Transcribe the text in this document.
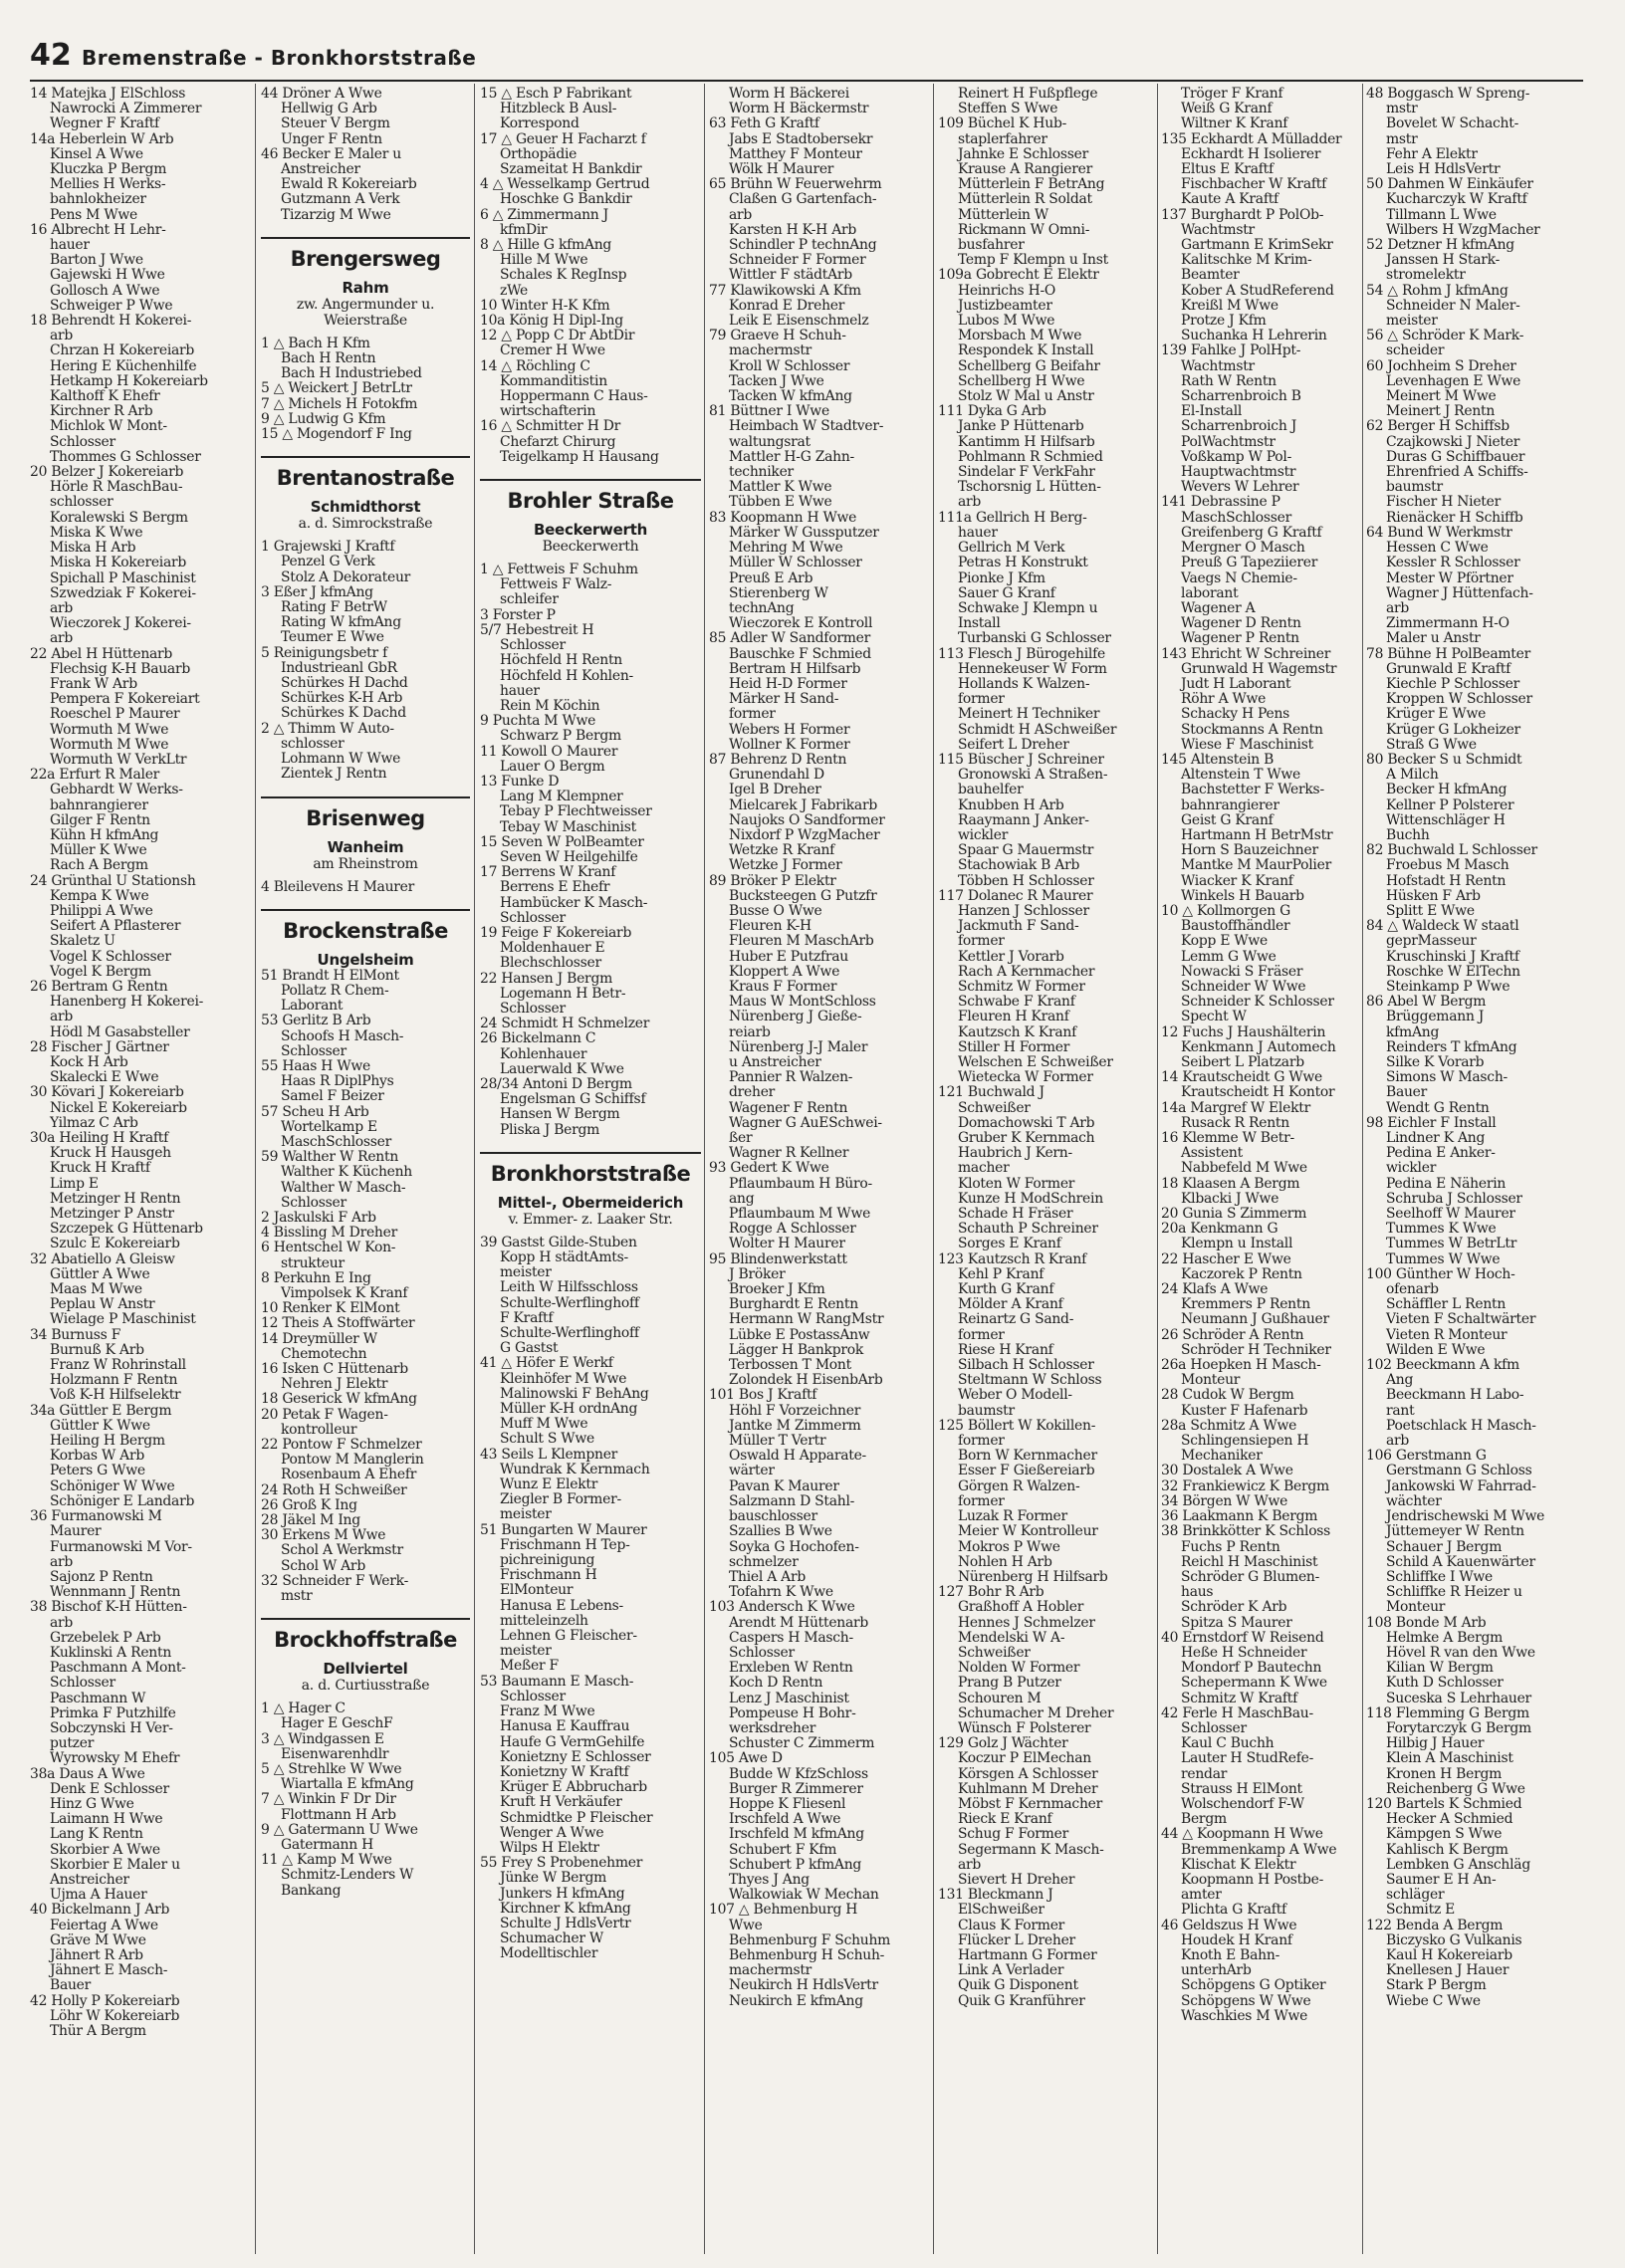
42 Bremenstraße - Bronkhorststraße
14 Matejka J ElSchloss
Nawrocki A Zimmerer
Wegner F Kraftf
14a Heberlein W Arb
Kinsel A Wwe
Kluczka P Bergm
Mellies H Werks-
bahnlokheizer
Pens M Wwe
16 Albrecht H Lehr-
hauer
Barton J Wwe
Gajewski H Wwe
Gollosch A Wwe
Schweiger P Wwe
18 Behrendt H Kokerei-
arb
Chrzan H Kokereiarb
Hering E Küchenhilfe
Hetkamp H Kokereiarb
Kalthoff K Ehefr
Kirchner R Arb
Michlok W Mont-
Schlosser
Thommes G Schlosser
20 Belzer J Kokereiarb
Hörle R MaschBau-
schlosser
Koralewski S Bergm
Miska K Wwe
Miska H Arb
Miska H Kokereiarb
Spichall P Maschinist
Szwedziak F Kokerei-
arb
Wieczorek J Kokerei-
arb
22 Abel H Hüttenarb
Flechsig K-H Bauarb
Frank W Arb
Pempera F Kokereiart
Roeschel P Maurer
Wormuth M Wwe
Wormuth M Wwe
Wormuth W VerkLtr
22a Erfurt R Maler
Gebhardt W Werks-
bahnrangierer
Gilger F Rentn
Kühn H kfmAng
Müller K Wwe
Rach A Bergm
24 Grünthal U Stationsh
Kempa K Wwe
Philippi A Wwe
Seifert A Pflasterer
Skaletz U
Vogel K Schlosser
Vogel K Bergm
26 Bertram G Rentn
Hanenberg H Kokerei-
arb
Hödl M Gasabsteller
28 Fischer J Gärtner
Kock H Arb
Skalecki E Wwe
30 Kövari J Kokereiarb
Nickel E Kokereiarb
Yilmaz C Arb
30a Heiling H Kraftf
Kruck H Hausgeh
Kruck H Kraftf
Limp E
Metzinger H Rentn
Metzinger P Anstr
Szczepek G Hüttenarb
Szulc E Kokereiarb
32 Abatiello A Gleisw
Güttler A Wwe
Maas M Wwe
Peplau W Anstr
Wielage P Maschinist
34 Burnuss F
Burnuß K Arb
Franz W Rohrinstall
Holzmann F Rentn
Voß K-H Hilfselektr
34a Güttler E Bergm
Güttler K Wwe
Heiling H Bergm
Korbas W Arb
Peters G Wwe
Schöniger W Wwe
Schöniger E Landarb
36 Furmanowski M
Maurer
Furmanowski M Vor-
arb
Sajonz P Rentn
Wennmann J Rentn
38 Bischof K-H Hütten-
arb
Grzebelek P Arb
Kuklinski A Rentn
Paschmann A Mont-
Schlosser
Paschmann W
Primka F Putzhilfe
Sobczynski H Ver-
putzer
Wyrowsky M Ehefr
38a Daus A Wwe
Denk E Schlosser
Hinz G Wwe
Laimann H Wwe
Lang K Rentn
Skorbier A Wwe
Skorbier E Maler u
Anstreicher
Ujma A Hauer
40 Bickelmann J Arb
Feiertag A Wwe
Gräve M Wwe
Jähnert R Arb
Jähnert E Masch-
Bauer
42 Holly P Kokereiarb
Löhr W Kokereiarb
Thür A Bergm
44 Dröner A Wwe
Hellwig G Arb
Steuer V Bergm
Unger F Rentn
46 Becker E Maler u
Anstreicher
Ewald R Kokereiarb
Gutzmann A Verk
Tizarzig M Wwe
Brengersweg
Rahm
zw. Angermunder u. Weierstraße
1 △ Bach H Kfm
Bach H Rentn
Bach H Industriebed
5 △ Weickert J BetrLtr
7 △ Michels H Fotokfm
9 △ Ludwig G Kfm
15 △ Mogendorf F Ing
Brentanostraße
Schmidthorst
a. d. Simrockstraße
1 Grajewski J Kraftf
Penzel G Verk
Stolz A Dekorateur
3 Eßer J kfmAng
Rating F BetrW
Rating W kfmAng
Teumer E Wwe
5 Reinigungsbetr f
Industrieanl GbR
Schürkes H Dachd
Schürkes K-H Arb
Schürkes K Dachd
2 △ Thimm W Auto-
schlosser
Lohmann W Wwe
Zientek J Rentn
Brisenweg
Wanheim
am Rheinstrom
4 Bleilevens H Maurer
Brockenstraße
Ungelsheim
51 Brandt H ElMont
Pollatz R Chem-
Laborant
53 Gerlitz B Arb
Schoofs H Masch-
Schlosser
55 Haas H Wwe
Haas R DiplPhys
Samel F Beizer
57 Scheu H Arb
Wortelkamp E
MaschSchlosser
59 Walther W Rentn
Walther K Küchenh
Walther W Masch-
Schlosser
2 Jaskulski F Arb
4 Bissling M Dreher
6 Hentschel W Kon-
strukteur
8 Perkuhn E Ing
Vimpolsek K Kranf
10 Renker K ElMont
12 Theis A Stoffwärter
14 Dreymüller W
Chemotechn
16 Isken C Hüttenarb
Nehren J Elektr
18 Geserick W kfmAng
20 Petak F Wagen-
kontrolleur
22 Pontow F Schmelzer
Pontow M Manglerin
Rosenbaum A Ehefr
24 Roth H Schweißer
26 Groß K Ing
28 Jäkel M Ing
30 Erkens M Wwe
Schol A Werkmstr
Schol W Arb
32 Schneider F Werk-
mstr
Brockhoffstraße
Dellviertel
a. d. Curtiusstraße
1 △ Hager C
Hager E GeschF
3 △ Windgassen E
Eisenwarenhdlr
5 △ Strehlke W Wwe
Wiartalla E kfmAng
7 △ Winkin F Dr Dir
Flottmann H Arb
9 △ Gatermann U Wwe
Gatermann H
11 △ Kamp M Wwe
Schmitz-Lenders W
Bankang
15 △ Esch P Fabrikant
Hitzbleck B Ausl-
Korrespond
17 △ Geuer H Facharzt f
Orthopädie
Szameitat H Bankdir
4 △ Wesselkamp Gertrud
Hoschke G Bankdir
6 △ Zimmermann J
kfmDir
8 △ Hille G kfmAng
Hille M Wwe
Schales K RegInsp
zWe
10 Winter H-K Kfm
10a König H Dipl-Ing
12 △ Popp C Dr AbtDir
Cremer H Wwe
14 △ Röchling C
Kommanditistin
Hoppermann C Haus-
wirtschafterin
16 △ Schmitter H Dr
Chefarzt Chirurg
Teigelkamp H Hausang
Brohler Straße
Beeckerwerth
Beeckerwerth
1 △ Fettweis F Schuhm
Fettweis F Walz-
schleifer
3 Forster P
5/7 Hebestreit H
Schlosser
Höchfeld H Rentn
Höchfeld H Kohlen-
hauer
Rein M Köchin
9 Puchta M Wwe
Schwarz P Bergm
11 Kowoll O Maurer
Lauer O Bergm
13 Funke D
Lang M Klempner
Tebay P Flechtweisser
Tebay W Maschinist
15 Seven W PolBeamter
Seven W Heilgehilfe
17 Berrens W Kranf
Berrens E Ehefr
Hambücker K Masch-
Schlosser
19 Feige F Kokereiarb
Moldenhauer E
Blechschlosser
22 Hansen J Bergm
Logemann H Betr-
Schlosser
24 Schmidt H Schmelzer
26 Bickelmann C
Kohlenhauer
Lauerwald K Wwe
28/34 Antoni D Bergm
Engelsman G Schiffsf
Hansen W Bergm
Pliska J Bergm
Bronkhorststraße
Mittel-, Obermeiderich
v. Emmer- z. Laaker Str.
39 Gastst Gilde-Stuben
Kopp H städtAmts-
meister
Leith W Hilfsschloss
Schulte-Werflinghoff
F Kraftf
Schulte-Werflinghoff
G Gastst
41 △ Höfer E Werkf
Kleinhöfer M Wwe
Malinowski F BehAng
Müller K-H ordnAng
Muff M Wwe
Schult S Wwe
43 Seils L Klempner
Wundrak K Kernmach
Wunz E Elektr
Ziegler B Former-
meister
51 Bungarten W Maurer
Frischmann H Tep-
pichreinigung
Frischmann H
ElMonteur
Hanusa E Lebens-
mitteleinzelh
Lehnen G Fleischer-
meister
Meßer F
53 Baumann E Masch-
Schlosser
Franz M Wwe
Hanusa E Kauffrau
Haufe G VermGehilfe
Konietzny E Schlosser
Konietzny W Kraftf
Krüger E Abbrucharb
Kruft H Verkäufer
Schmidtke P Fleischer
Wenger A Wwe
Wilps H Elektr
55 Frey S Probenehmer
Jünke W Bergm
Junkers H kfmAng
Kirchner K kfmAng
Schulte J HdlsVertr
Schumacher W
Modelltischler
Worm H Bäckerei
Worm H Bäckermstr
63 Feth G Kraftf
Jabs E Stadtobersekr
Matthey F Monteur
Wölk H Maurer
65 Brühn W Feuerwehrm
Claßen G Gartenfach-
arb
Karsten H K-H Arb
Schindler P technAng
Schneider F Former
Wittler F städtArb
77 Klawikowski A Kfm
Konrad E Dreher
Leik E Eisenschmelz
79 Graeve H Schuh-
machermstr
Kroll W Schlosser
Tacken J Wwe
Tacken W kfmAng
81 Büttner I Wwe
Heimbach W Stadtver-
waltungsrat
Mattler H-G Zahn-
techniker
Mattler K Wwe
Tübben E Wwe
83 Koopmann H Wwe
Märker W Gussputzer
Mehring M Wwe
Müller W Schlosser
Preuß E Arb
Stierenberg W
technAng
Wieczorek E Kontroll
85 Adler W Sandformer
Bauschke F Schmied
Bertram H Hilfsarb
Heid H-D Former
Märker H Sand-
former
Webers H Former
Wollner K Former
87 Behrenz D Rentn
Grunendahl D
Igel B Dreher
Mielcarek J Fabrikarb
Naujoks O Sandformer
Nixdorf P WzgMacher
Wetzke R Kranf
Wetzke J Former
89 Bröker P Elektr
Bucksteegen G Putzfr
Busse O Wwe
Fleuren K-H
Fleuren M MaschArb
Huber E Putzfrau
Kloppert A Wwe
Kraus F Former
Maus W MontSchloss
Nürenberg J Gieße-
reiarb
Nürenberg J-J Maler
u Anstreicher
Pannier R Walzen-
dreher
Wagener F Rentn
Wagner G AuESchwei-
ßer
Wagner R Kellner
93 Gedert K Wwe
Pflaumbaum H Büro-
ang
Pflaumbaum M Wwe
Rogge A Schlosser
Wolter H Maurer
95 Blindenwerkstatt
J Bröker
Broeker J Kfm
Burghardt E Rentn
Hermann W RangMstr
Lübke E PostassAnw
Lägger H Bankprok
Terbossen T Mont
Zolondek H EisenbArb
101 Bos J Kraftf
Höhl F Vorzeichner
Jantke M Zimmerm
Müller T Vertr
Oswald H Apparate-
wärter
Pavan K Maurer
Salzmann D Stahl-
bauschlosser
Szallies B Wwe
Soyka G Hochofen-
schmelzer
Thiel A Arb
Tofahrn K Wwe
103 Andersch K Wwe
Arendt M Hüttenarb
Caspers H Masch-
Schlosser
Erxleben W Rentn
Koch D Rentn
Lenz J Maschinist
Pompeuse H Bohr-
werksdreher
Schuster C Zimmerm
105 Awe D
Budde W KfzSchloss
Burger R Zimmerer
Hoppe K Fliesenl
Irschfeld A Wwe
Irschfeld M kfmAng
Schubert F Kfm
Schubert P kfmAng
Thyes J Ang
Walkowiak W Mechan
107 △ Behmenburg H
Wwe
Behmenburg F Schuhm
Behmenburg H Schuh-
machermstr
Neukirch H HdlsVertr
Neukirch E kfmAng
Reinert H Fußpflege
Steffen S Wwe
109 Büchel K Hub-
staplerfahrer
Jahnke E Schlosser
Krause A Rangierer
Mütterlein F BetrAng
Mütterlein R Soldat
Mütterlein W
Rickmann W Omni-
busfahrer
Temp F Klempn u Inst
109a Gobrecht E Elektr
Heinrichs H-O
Justizbeamter
Lubos M Wwe
Morsbach M Wwe
Respondek K Install
Schellberg G Beifahr
Schellberg H Wwe
Stolz W Mal u Anstr
111 Dyka G Arb
Janke P Hüttenarb
Kantimm H Hilfsarb
Pohlmann R Schmied
Sindelar F VerkFahr
Tschorsnig L Hütten-
arb
111a Gellrich H Berg-
hauer
Gellrich M Verk
Petras H Konstrukt
Pionke J Kfm
Sauer G Kranf
Schwake J Klempn u
Install
Turbanski G Schlosser
113 Flesch J Bürogehilfe
Hennekeuser W Form
Hollands K Walzen-
former
Meinert H Techniker
Schmidt H ASchweißer
Seifert L Dreher
115 Büscher J Schreiner
Gronowski A Straßen-
bauhelfer
Knubben H Arb
Raaymann J Anker-
wickler
Spaar G Mauermstr
Stachowiak B Arb
Többen H Schlosser
117 Dolanec R Maurer
Hanzen J Schlosser
Jackmuth F Sand-
former
Kettler J Vorarb
Rach A Kernmacher
Schmitz W Former
Schwabe F Kranf
Fleuren H Kranf
Kautzsch K Kranf
Stiller H Former
Welschen E Schweißer
Wietecka W Former
121 Buchwald J
Schweißer
Domachowski T Arb
Gruber K Kernmach
Haubrich J Kern-
macher
Kloten W Former
Kunze H ModSchrein
Schade H Fräser
Schauth P Schreiner
Sorges E Kranf
123 Kautzsch R Kranf
Kehl P Kranf
Kurth G Kranf
Mölder A Kranf
Reinartz G Sand-
former
Riese H Kranf
Silbach H Schlosser
Steltmann W Schloss
Weber O Modell-
baumstr
125 Böllert W Kokillen-
former
Born W Kernmacher
Esser F Gießereiarb
Görgen R Walzen-
former
Luzak R Former
Meier W Kontrolleur
Mokros P Wwe
Nohlen H Arb
Nürenberg H Hilfsarb
127 Bohr R Arb
Graßhoff A Hobler
Hennes J Schmelzer
Mendelski W A-
Schweißer
Nolden W Former
Prang B Putzer
Schouren M
Schumacher M Dreher
Wünsch F Polsterer
129 Golz J Wächter
Koczur P ElMechan
Körsgen A Schlosser
Kuhlmann M Dreher
Möbst F Kernmacher
Rieck E Kranf
Schug F Former
Segermann K Masch-
arb
Sievert H Dreher
131 Bleckmann J
ElSchweißer
Claus K Former
Flücker L Dreher
Hartmann G Former
Link A Verlader
Quik G Disponent
Quik G Kranführer
Tröger F Kranf
Weiß G Kranf
Wiltner K Kranf
135 Eckhardt A Mülladder
Eckhardt H Isolierer
Eltus E Kraftf
Fischbacher W Kraftf
Kaute A Kraftf
137 Burghardt P PolOb-
Wachtmstr
Gartmann E KrimSekr
Kalitschke M Krim-
Beamter
Kober A StudReferend
Kreißl M Wwe
Protze J Kfm
Suchanka H Lehrerin
139 Fahlke J PolHpt-
Wachtmstr
Rath W Rentn
Scharrenbroich B
El-Install
Scharrenbroich J
PolWachtmstr
Voßkamp W Pol-
Hauptwachtmstr
Wevers W Lehrer
141 Debrassine P
MaschSchlosser
Greifenberg G Kraftf
Mergner O Masch
Preuß G Tapeziierer
Vaegs N Chemie-
laborant
Wagener A
Wagener D Rentn
Wagener P Rentn
143 Ehricht W Schreiner
Grunwald H Wagemstr
Judt H Laborant
Röhr A Wwe
Schacky H Pens
Stockmanns A Rentn
Wiese F Maschinist
145 Altenstein B
Altenstein T Wwe
Bachstetter F Werks-
bahnrangierer
Geist G Kranf
Hartmann H BetrMstr
Horn S Bauzeichner
Mantke M MaurPolier
Wiacker K Kranf
Winkels H Bauarb
10 △ Kollmorgen G
Baustoffhändler
Kopp E Wwe
Lemm G Wwe
Nowacki S Fräser
Schneider W Wwe
Schneider K Schlosser
Specht W
12 Fuchs J Haushälterin
Kenkmann J Automech
Seibert L Platzarb
14 Krautscheidt G Wwe
Krautscheidt H Kontor
14a Margref W Elektr
Rusack R Rentn
16 Klemme W Betr-
Assistent
Nabbefeld M Wwe
18 Klaasen A Bergm
Klbacki J Wwe
20 Gunia S Zimmerm
20a Kenkmann G
Klempn u Install
22 Hascher E Wwe
Kaczorek P Rentn
24 Klafs A Wwe
Kremmers P Rentn
Neumann J Gußhauer
26 Schröder A Rentn
Schröder H Techniker
26a Hoepken H Masch-
Monteur
28 Cudok W Bergm
Kuster F Hafenarb
28a Schmitz A Wwe
Schlingensiepen H
Mechaniker
30 Dostalek A Wwe
32 Frankiewicz K Bergm
34 Börgen W Wwe
36 Laakmann K Bergm
38 Brinkkötter K Schloss
Fuchs P Rentn
Reichl H Maschinist
Schröder G Blumen-
haus
Schröder K Arb
Spitza S Maurer
40 Ernstdorf W Reisend
Heße H Schneider
Mondorf P Bautechn
Schepermann K Wwe
Schmitz W Kraftf
42 Ferle H MaschBau-
Schlosser
Kaul C Buchh
Lauter H StudRefe-
rendar
Strauss H ElMont
Wolschendorf F-W
Bergm
44 △ Koopmann H Wwe
Bremmenkamp A Wwe
Klischat K Elektr
Koopmann H Postbe-
amter
Plichta G Kraftf
46 Geldszus H Wwe
Houdek H Kranf
Knoth E Bahn-
unterhArb
Schöpgens G Optiker
Schöpgens W Wwe
Waschkies M Wwe
48 Boggasch W Spreng-
mstr
Bovelet W Schacht-
mstr
Fehr A Elektr
Leis H HdlsVertr
50 Dahmen W Einkäufer
Kucharczyk W Kraftf
Tillmann L Wwe
Wilbers H WzgMacher
52 Detzner H kfmAng
Janssen H Stark-
stromelektr
54 △ Rohm J kfmAng
Schneider N Maler-
meister
56 △ Schröder K Mark-
scheider
60 Jochheim S Dreher
Levenhagen E Wwe
Meinert M Wwe
Meinert J Rentn
62 Berger H Schiffsb
Czajkowski J Nieter
Duras G Schiffbauer
Ehrenfried A Schiffs-
baumstr
Fischer H Nieter
Rienäcker H Schiffb
64 Bund W Werkmstr
Hessen C Wwe
Kessler R Schlosser
Mester W Pförtner
Wagner J Hüttenfach-
arb
Zimmermann H-O
Maler u Anstr
78 Bühne H PolBeamter
Grunwald E Kraftf
Kiechle P Schlosser
Kroppen W Schlosser
Krüger E Wwe
Krüger G Lokheizer
Straß G Wwe
80 Becker S u Schmidt
A Milch
Becker H kfmAng
Kellner P Polsterer
Wittenschläger H
Buchh
82 Buchwald L Schlosser
Froebus M Masch
Hofstadt H Rentn
Hüsken F Arb
Splitt E Wwe
84 △ Waldeck W staatl
geprMasseur
Kruschinski J Kraftf
Roschke W ElTechn
Steinkamp P Wwe
86 Abel W Bergm
Brüggemann J
kfmAng
Reinders T kfmAng
Silke K Vorarb
Simons W Masch-
Bauer
Wendt G Rentn
98 Eichler F Install
Lindner K Ang
Pedina E Anker-
wickler
Pedina E Näherin
Schruba J Schlosser
Seelhoff W Maurer
Tummes K Wwe
Tummes W BetrLtr
Tummes W Wwe
100 Günther W Hoch-
ofenarb
Schäffler L Rentn
Vieten F Schaltwärter
Vieten R Monteur
Wilden E Wwe
102 Beeckmann A kfm
Ang
Beeckmann H Labo-
rant
Poetschlack H Masch-
arb
106 Gerstmann G
Gerstmann G Schloss
Jankowski W Fahrrad-
wächter
Jendrischewski M Wwe
Jüttemeyer W Rentn
Schauer J Bergm
Schild A Kauenwärter
Schliffke I Wwe
Schliffke R Heizer u
Monteur
108 Bonde M Arb
Helmke A Bergm
Hövel R van den Wwe
Kilian W Bergm
Kuth D Schlosser
Suceska S Lehrhauer
118 Flemming G Bergm
Forytarczyk G Bergm
Hilbig J Hauer
Klein A Maschinist
Kronen H Bergm
Reichenberg G Wwe
120 Bartels K Schmied
Hecker A Schmied
Kämpgen S Wwe
Kahlisch K Bergm
Lembken G Anschläg
Saumer E H An-
schläger
Schmitz E
122 Benda A Bergm
Biczysko G Vulkanis
Kaul H Kokereiarb
Knellesen J Hauer
Stark P Bergm
Wiebe C Wwe
